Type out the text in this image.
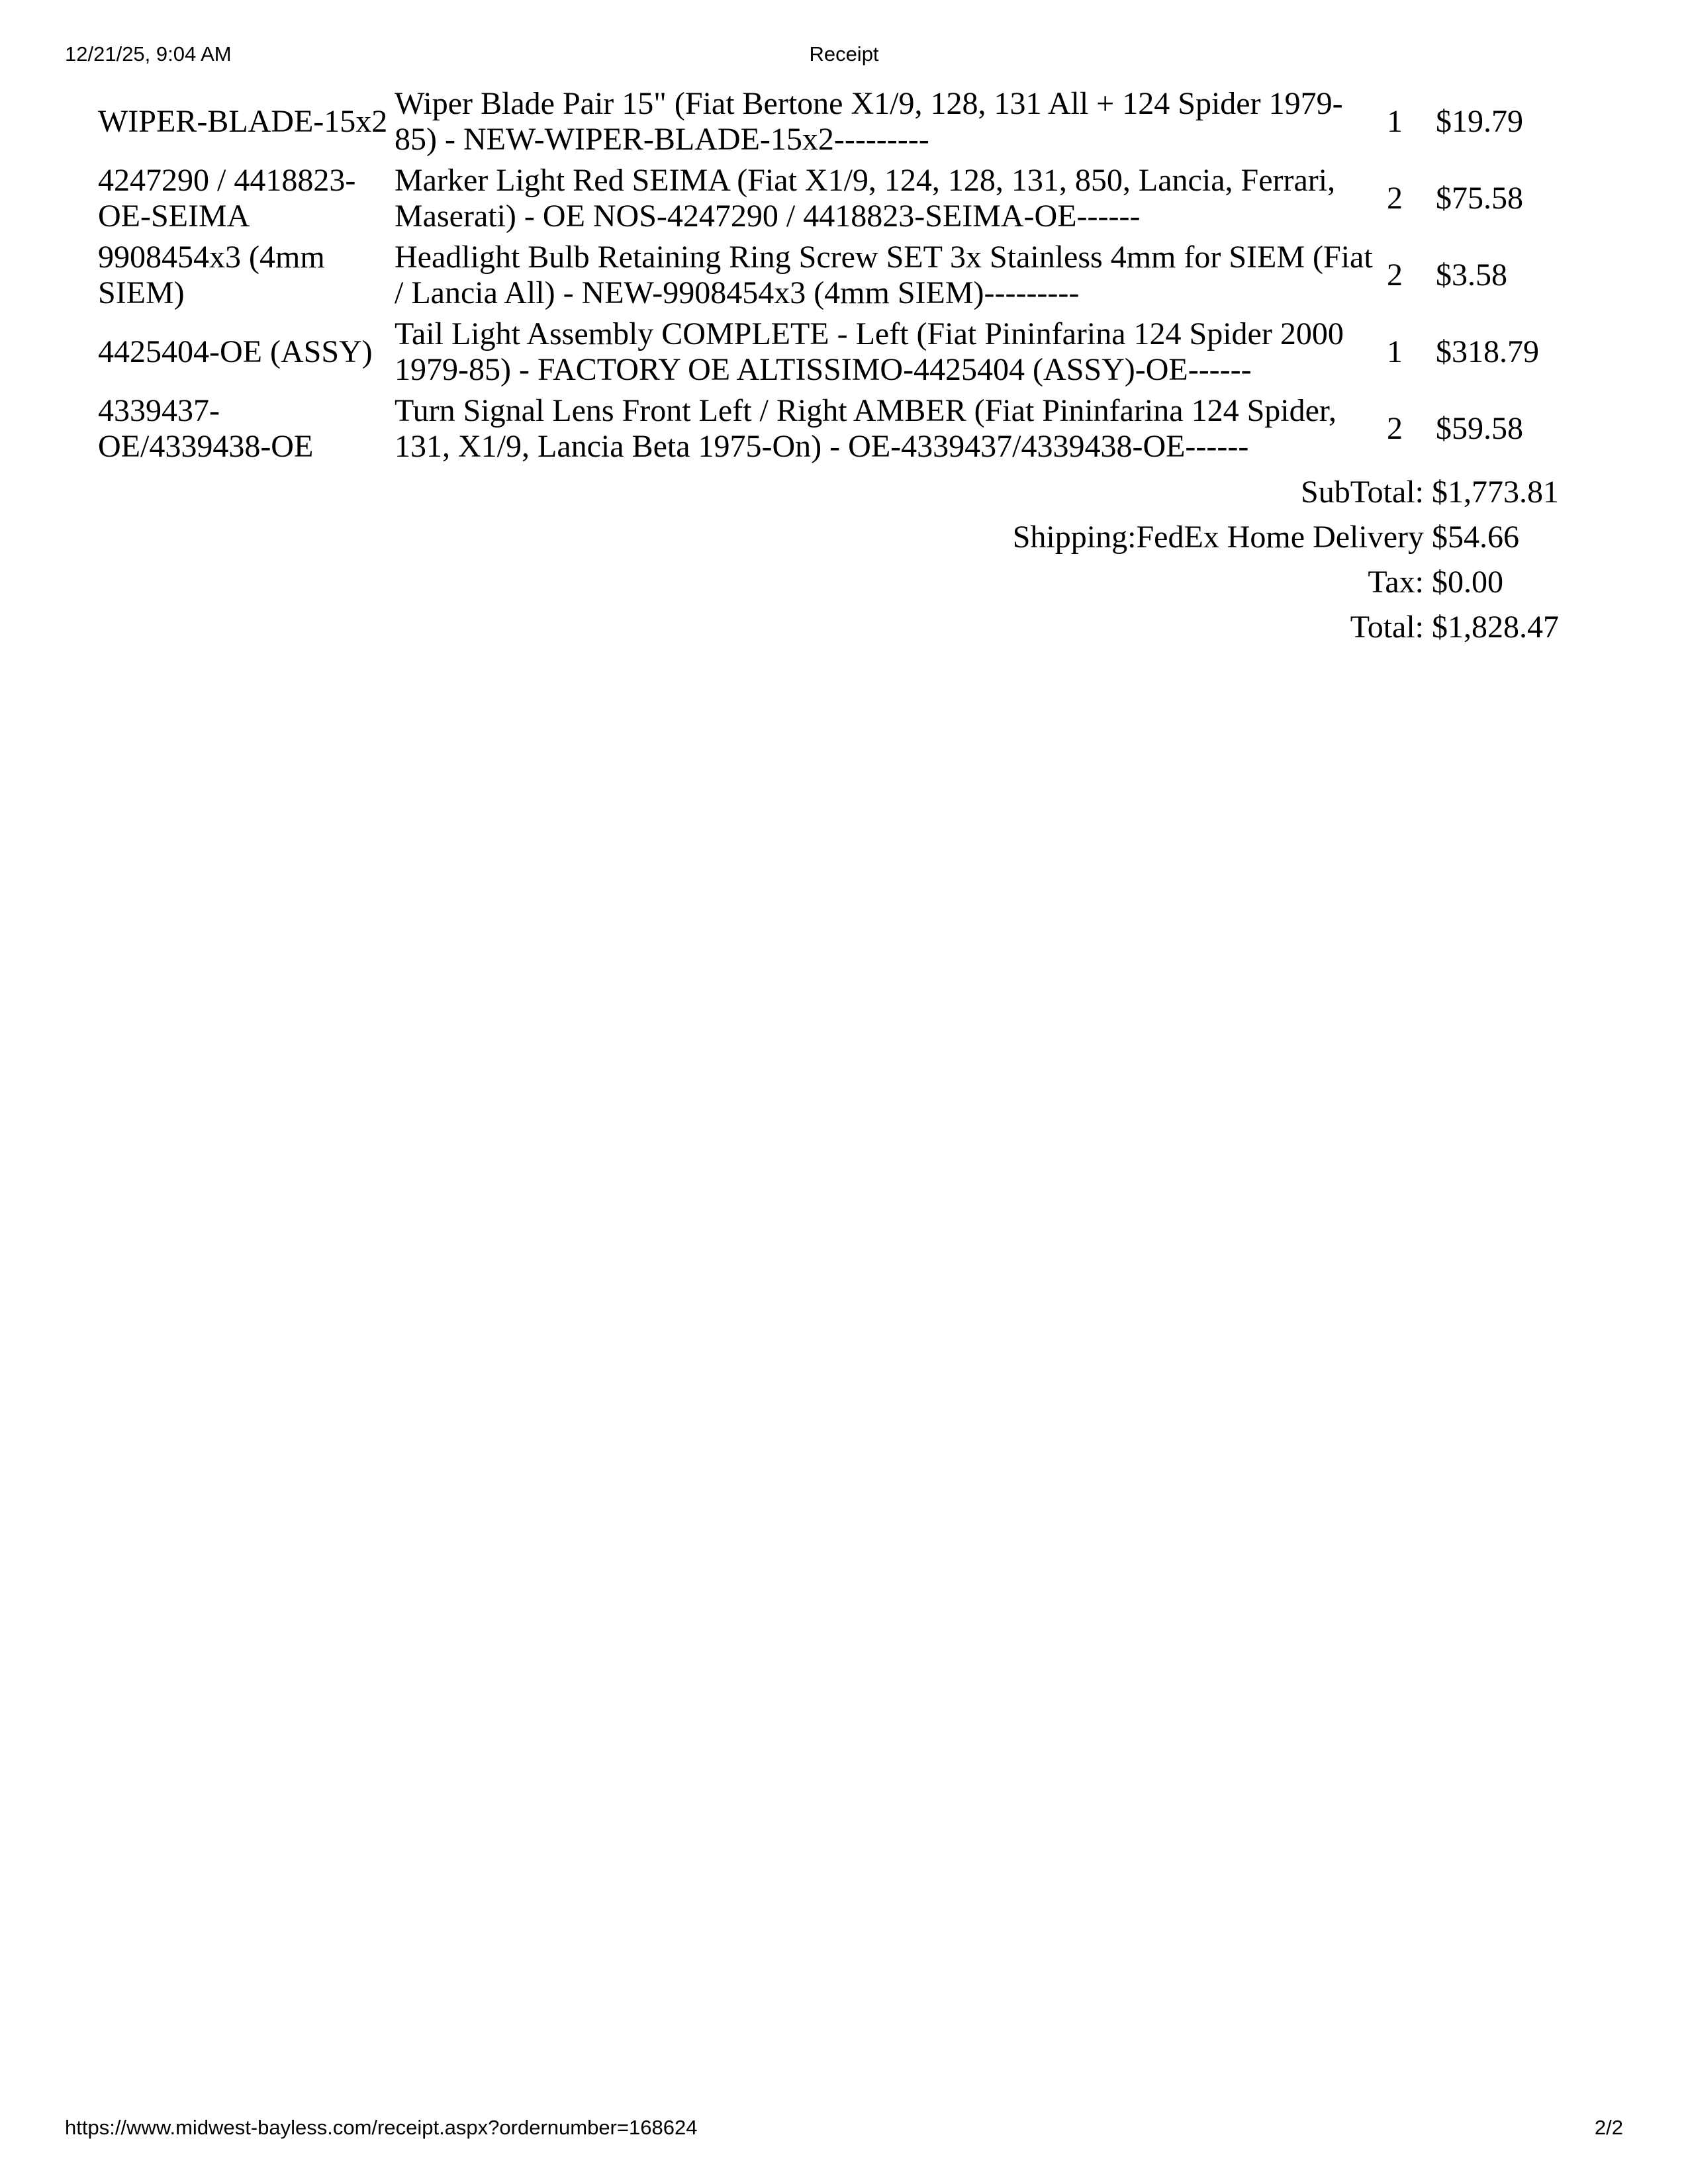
12/21/25, 9:04 AM	Receipt
WIPER-BLADE-15x2	Wiper Blade Pair 15" (Fiat Bertone X1/9, 128, 131 All + 124 Spider 1979-85) - NEW-WIPER-BLADE-15x2---------	1	$19.79
4247290 / 4418823-OE-SEIMA	Marker Light Red SEIMA (Fiat X1/9, 124, 128, 131, 850, Lancia, Ferrari, Maserati) - OE NOS-4247290 / 4418823-SEIMA-OE------	2	$75.58
9908454x3 (4mm SIEM)	Headlight Bulb Retaining Ring Screw SET 3x Stainless 4mm for SIEM (Fiat / Lancia All) - NEW-9908454x3 (4mm SIEM)---------	2	$3.58
4425404-OE (ASSY)	Tail Light Assembly COMPLETE - Left (Fiat Pininfarina 124 Spider 2000 1979-85) - FACTORY OE ALTISSIMO-4425404 (ASSY)-OE------	1	$318.79
4339437-OE/4339438-OE	Turn Signal Lens Front Left / Right AMBER (Fiat Pininfarina 124 Spider, 131, X1/9, Lancia Beta 1975-On) - OE-4339437/4339438-OE------	2	$59.58
SubTotal: $1,773.81
Shipping:FedEx Home Delivery $54.66
Tax: $0.00
Total: $1,828.47
https://www.midwest-bayless.com/receipt.aspx?ordernumber=168624	2/2
